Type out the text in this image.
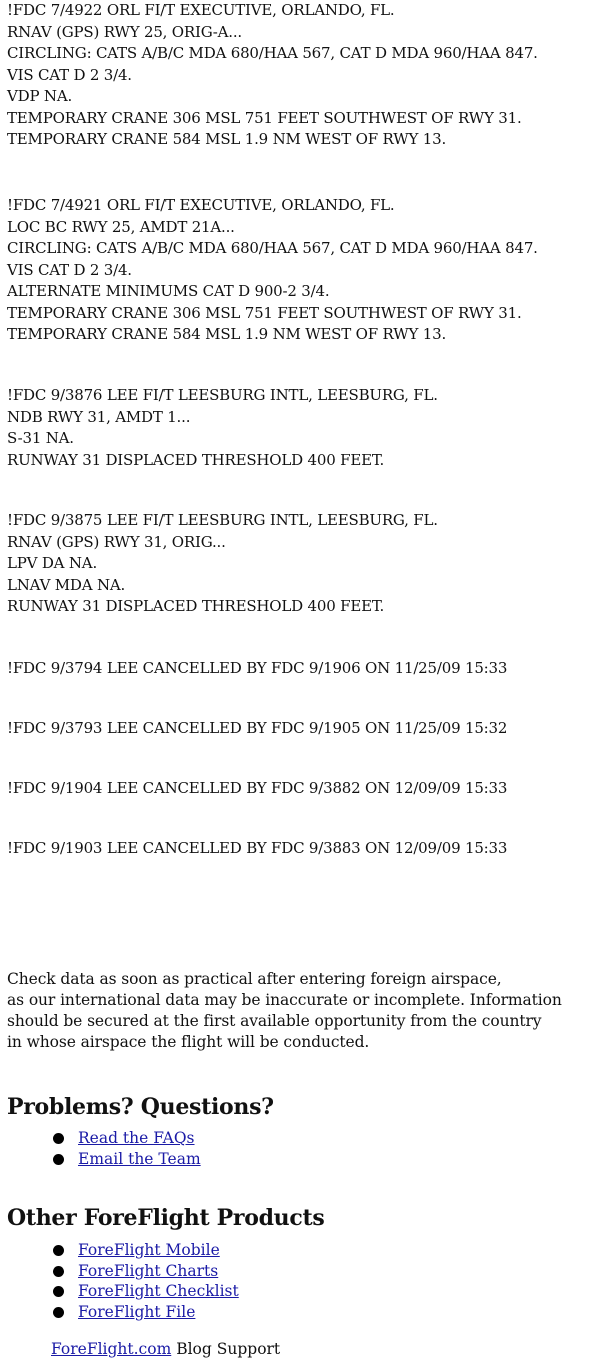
!FDC 7/4922 ORL FI/T EXECUTIVE, ORLANDO, FL.
RNAV (GPS) RWY 25, ORIG-A...
CIRCLING: CATS A/B/C MDA 680/HAA 567, CAT D MDA 960/HAA 847.
VIS CAT D 2 3/4.
VDP NA.
TEMPORARY CRANE 306 MSL 751 FEET SOUTHWEST OF RWY 31.
TEMPORARY CRANE 584 MSL 1.9 NM WEST OF RWY 13.
!FDC 7/4921 ORL FI/T EXECUTIVE, ORLANDO, FL.
LOC BC RWY 25, AMDT 21A...
CIRCLING: CATS A/B/C MDA 680/HAA 567, CAT D MDA 960/HAA 847.
VIS CAT D 2 3/4.
ALTERNATE MINIMUMS CAT D 900-2 3/4.
TEMPORARY CRANE 306 MSL 751 FEET SOUTHWEST OF RWY 31.
TEMPORARY CRANE 584 MSL 1.9 NM WEST OF RWY 13.
!FDC 9/3876 LEE FI/T LEESBURG INTL, LEESBURG, FL.
NDB RWY 31, AMDT 1...
S-31 NA.
RUNWAY 31 DISPLACED THRESHOLD 400 FEET.
!FDC 9/3875 LEE FI/T LEESBURG INTL, LEESBURG, FL.
RNAV (GPS) RWY 31, ORIG...
LPV DA NA.
LNAV MDA NA.
RUNWAY 31 DISPLACED THRESHOLD 400 FEET.
!FDC 9/3794 LEE CANCELLED BY FDC 9/1906 ON 11/25/09 15:33
!FDC 9/3793 LEE CANCELLED BY FDC 9/1905 ON 11/25/09 15:32
!FDC 9/1904 LEE CANCELLED BY FDC 9/3882 ON 12/09/09 15:33
!FDC 9/1903 LEE CANCELLED BY FDC 9/3883 ON 12/09/09 15:33
Check data as soon as practical after entering foreign airspace,
as our international data may be inaccurate or incomplete. Information
should be secured at the first available opportunity from the country
in whose airspace the flight will be conducted.
Problems? Questions?
Read the FAQs
Email the Team
Other ForeFlight Products
ForeFlight Mobile
ForeFlight Charts
ForeFlight Checklist
ForeFlight File
ForeFlight.com Blog Support
